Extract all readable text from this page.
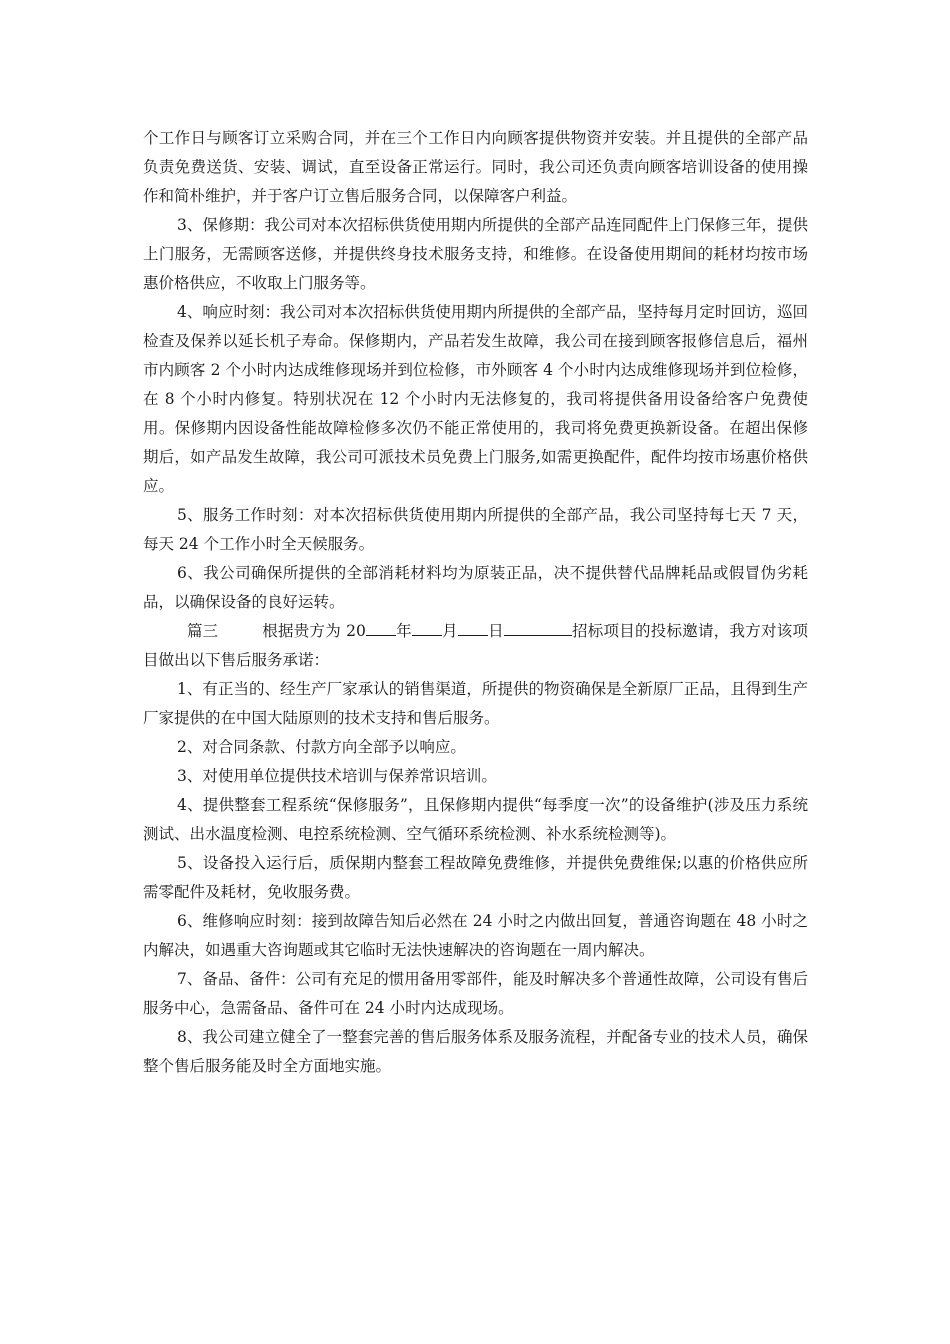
个工作日与顾客订立采购合同，并在三个工作日内向顾客提供物资并安装。并且提供的全部产品负责免费送货、安装、调试，直至设备正常运行。同时，我公司还负责向顾客培训设备的使用操作和简朴维护，并于客户订立售后服务合同，以保障客户利益。

3、保修期：我公司对本次招标供货使用期内所提供的全部产品连同配件上门保修三年，提供上门服务，无需顾客送修，并提供终身技术服务支持，和维修。在设备使用期间的耗材均按市场惠价格供应，不收取上门服务等。

4、响应时刻：我公司对本次招标供货使用期内所提供的全部产品，坚持每月定时回访，巡回检查及保养以延长机子寿命。保修期内，产品若发生故障，我公司在接到顾客报修信息后，福州市内顾客 2 个小时内达成维修现场并到位检修，市外顾客 4 个小时内达成维修现场并到位检修，在 8 个小时内修复。特别状况在 12 个小时内无法修复的，我司将提供备用设备给客户免费使用。保修期内因设备性能故障检修多次仍不能正常使用的，我司将免费更换新设备。在超出保修期后，如产品发生故障，我公司可派技术员免费上门服务,如需更换配件，配件均按市场惠价格供应。

5、服务工作时刻：对本次招标供货使用期内所提供的全部产品，我公司坚持每七天 7 天，每天 24 个工作小时全天候服务。

6、我公司确保所提供的全部消耗材料均为原装正品，决不提供替代品牌耗品或假冒伪劣耗品，以确保设备的良好运转。

篇三	根据贵方为 20 年 月 日	招标项目的投标邀请，我方对该项目做出以下售后服务承诺：

1、有正当的、经生产厂家承认的销售渠道，所提供的物资确保是全新原厂正品，且得到生产厂家提供的在中国大陆原则的技术支持和售后服务。

2、对合同条款、付款方向全部予以响应。

3、对使用单位提供技术培训与保养常识培训。

4、提供整套工程系统“保修服务”，且保修期内提供“每季度一次”的设备维护(涉及压力系统测试、出水温度检测、电控系统检测、空气循环系统检测、补水系统检测等)。

5、设备投入运行后，质保期内整套工程故障免费维修，并提供免费维保;以惠的价格供应所需零配件及耗材，免收服务费。

6、维修响应时刻：接到故障告知后必然在 24 小时之内做出回复，普通咨询题在 48 小时之内解决，如遇重大咨询题或其它临时无法快速解决的咨询题在一周内解决。

7、备品、备件：公司有充足的惯用备用零部件，能及时解决多个普通性故障，公司设有售后服务中心，急需备品、备件可在 24 小时内达成现场。

8、我公司建立健全了一整套完善的售后服务体系及服务流程，并配备专业的技术人员，确保整个售后服务能及时全方面地实施。
